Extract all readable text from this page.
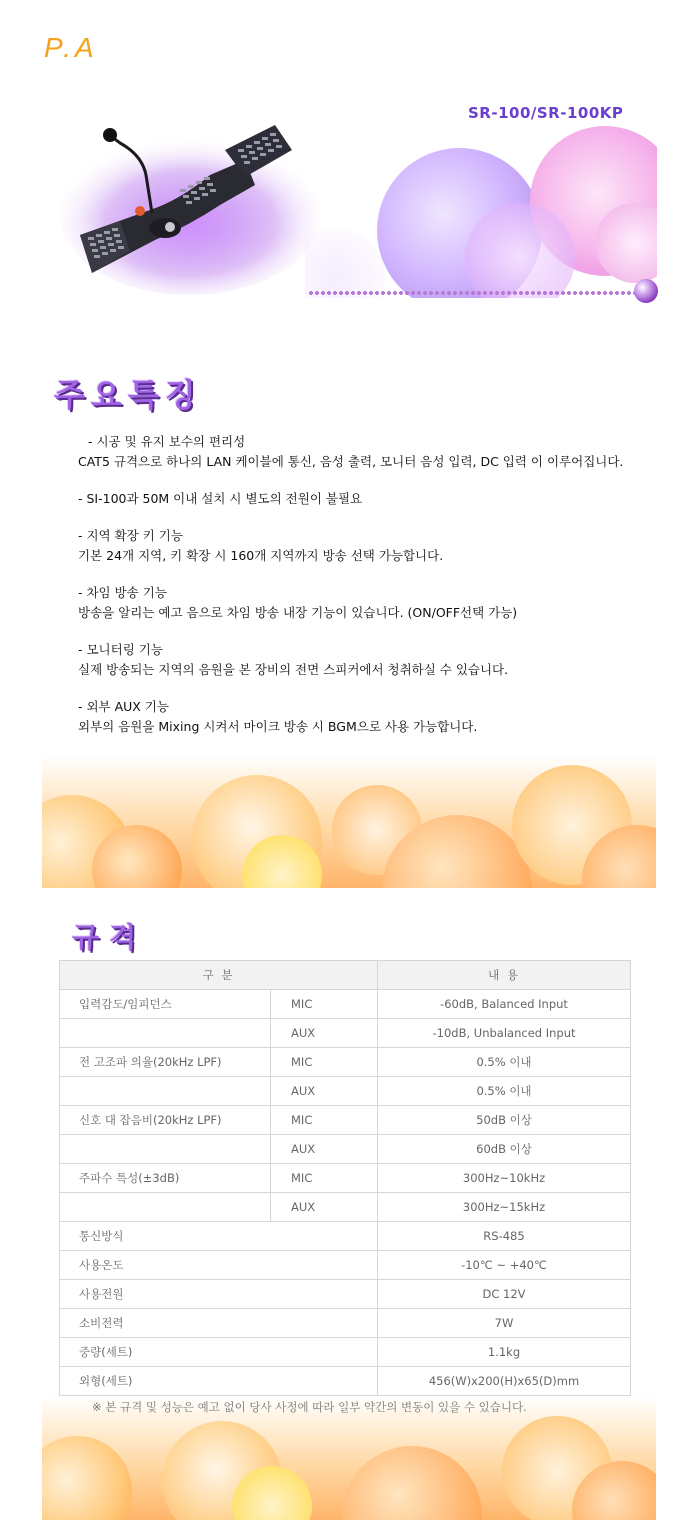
P.A
SR-100/SR-100KP
주요특징
- 시공 및 유지 보수의 편리성
CAT5 규격으로 하나의 LAN 케이블에 통신, 음성 출력, 모니터 음성 입력, DC 입력 이 이루어집니다.
- SI-100과 50M 이내 설치 시 별도의 전원이 불필요
- 지역 확장 키 기능
기본 24개 지역, 키 확장 시 160개 지역까지 방송 선택 가능합니다.
- 차임 방송 기능
방송을 알리는 예고 음으로 차임 방송 내장 기능이 있습니다. (ON/OFF선택 가능)
- 모니터링 기능
실제 방송되는 지역의 음원을 본 장비의 전면 스피커에서 청취하실 수 있습니다.
- 외부 AUX 기능
외부의 음원을 Mixing 시켜서 마이크 방송 시 BGM으로 사용 가능합니다.
규격
구 분		내 용
입력감도/임피던스	MIC	-60dB, Balanced Input
	AUX	-10dB, Unbalanced Input
전 고조파 의율(20kHz LPF)	MIC	0.5% 이내
	AUX	0.5% 이내
신호 대 잡음비(20kHz LPF)	MIC	50dB 이상
	AUX	60dB 이상
주파수 특성(±3dB)	MIC	300Hz~10kHz
	AUX	300Hz~15kHz
통신방식		RS-485
사용온도		-10℃ ~ +40℃
사용전원		DC 12V
소비전력		7W
중량(세트)		1.1kg
외형(세트)		456(W)x200(H)x65(D)mm
※ 본 규격 및 성능은 예고 없이 당사 사정에 따라 일부 약간의 변동이 있을 수 있습니다.
